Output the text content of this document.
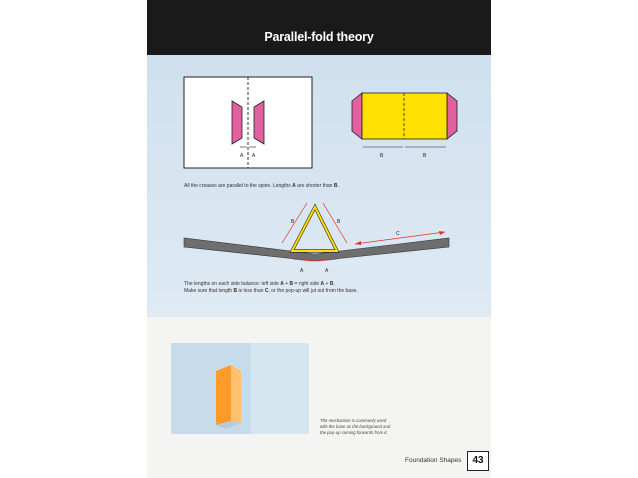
Parallel-fold theory
A A	B	B
B	B
C
A	A
All the creases are parallel to the spine. Lengths A are shorter than B.
The lengths on each side balance: left side A + B = right side A + B.
Make sure that length B is less than C, or the pop-up will jut out from the base.
The mechanism is commonly used
with the base as the background and
the pop-up coming forwards from it.
Foundation Shapes	43
